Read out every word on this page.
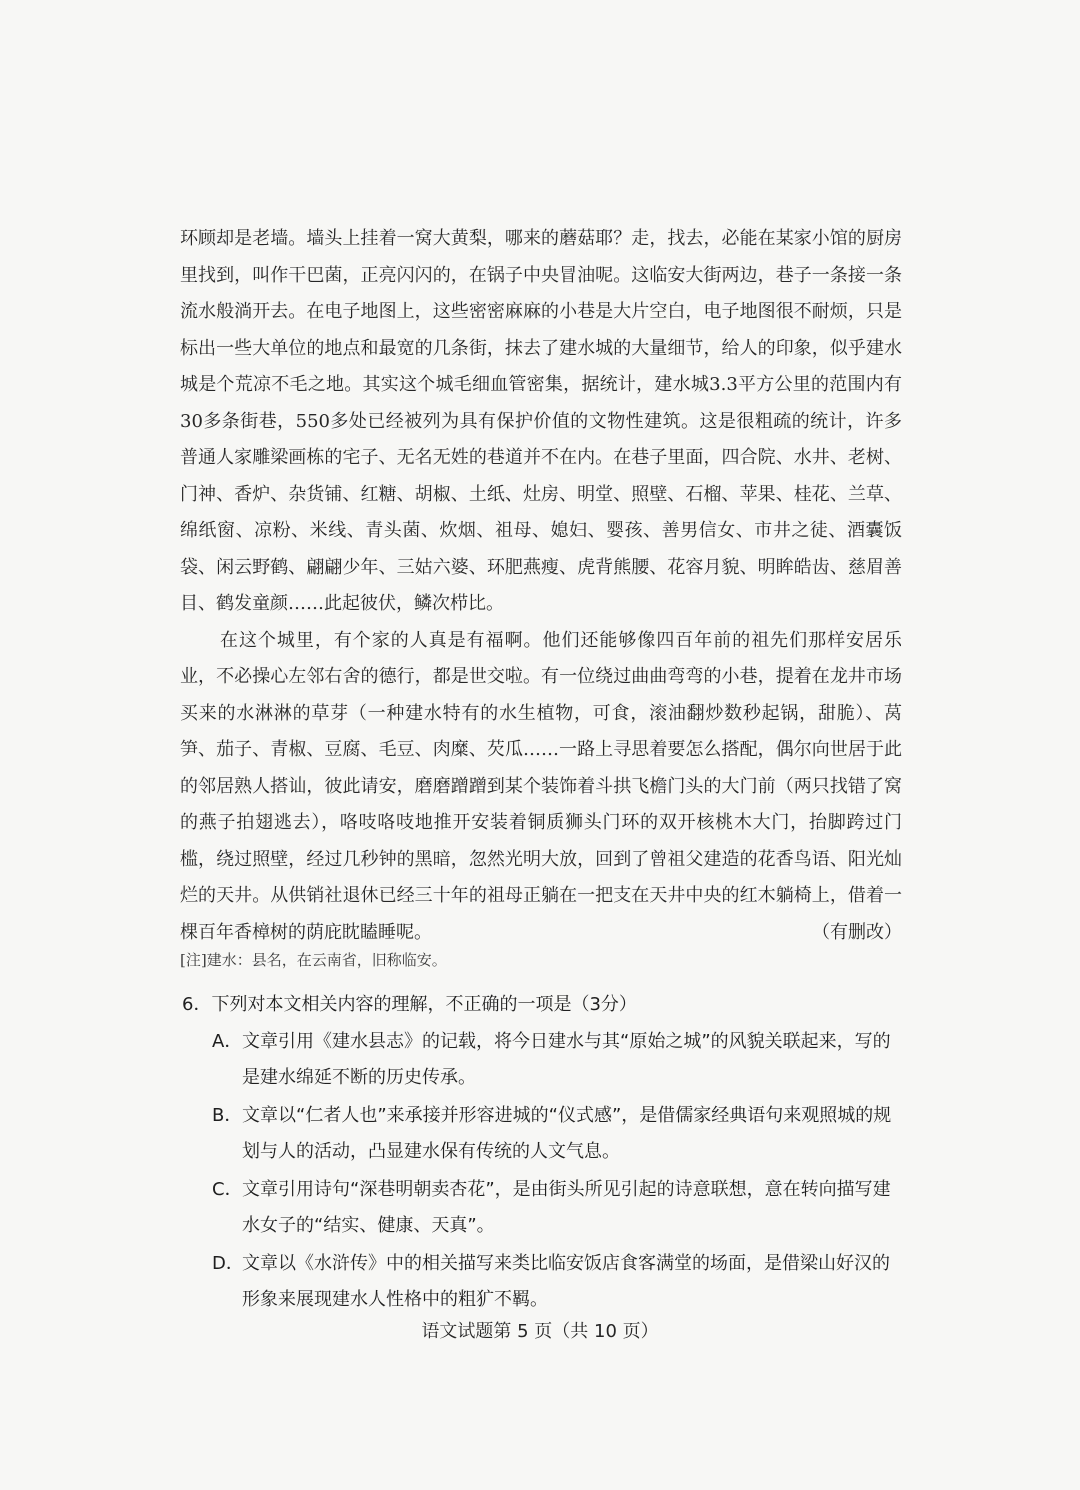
环顾却是老墙。墙头上挂着一窝大黄梨，哪来的蘑菇耶？走，找去，必能在某家小馆的厨房里找到，叫作干巴菌，正亮闪闪的，在锅子中央冒油呢。这临安大街两边，巷子一条接一条流水般淌开去。在电子地图上，这些密密麻麻的小巷是大片空白，电子地图很不耐烦，只是标出一些大单位的地点和最宽的几条街，抹去了建水城的大量细节，给人的印象，似乎建水城是个荒凉不毛之地。其实这个城毛细血管密集，据统计，建水城3.3平方公里的范围内有30多条街巷，550多处已经被列为具有保护价值的文物性建筑。这是很粗疏的统计，许多普通人家雕梁画栋的宅子、无名无姓的巷道并不在内。在巷子里面，四合院、水井、老树、门神、香炉、杂货铺、红糖、胡椒、土纸、灶房、明堂、照壁、石榴、苹果、桂花、兰草、绵纸窗、凉粉、米线、青头菌、炊烟、祖母、媳妇、婴孩、善男信女、市井之徒、酒囊饭袋、闲云野鹤、翩翩少年、三姑六婆、环肥燕瘦、虎背熊腰、花容月貌、明眸皓齿、慈眉善目、鹤发童颜……此起彼伏，鳞次栉比。

在这个城里，有个家的人真是有福啊。他们还能够像四百年前的祖先们那样安居乐业，不必操心左邻右舍的德行，都是世交啦。有一位绕过曲曲弯弯的小巷，提着在龙井市场买来的水淋淋的草芽（一种建水特有的水生植物，可食，滚油翻炒数秒起锅，甜脆）、莴笋、茄子、青椒、豆腐、毛豆、肉糜、芡瓜……一路上寻思着要怎么搭配，偶尔向世居于此的邻居熟人搭讪，彼此请安，磨磨蹭蹭到某个装饰着斗拱飞檐门头的大门前（两只找错了窝的燕子拍翅逃去），咯吱咯吱地推开安装着铜质狮头门环的双开核桃木大门，抬脚跨过门槛，绕过照壁，经过几秒钟的黑暗，忽然光明大放，回到了曾祖父建造的花香鸟语、阳光灿烂的天井。从供销社退休已经三十年的祖母正躺在一把支在天井中央的红木躺椅上，借着一棵百年香樟树的荫庇眈瞌睡呢。	（有删改）

[注]建水：县名，在云南省，旧称临安。
6．下列对本文相关内容的理解，不正确的一项是（3分）
A． 文章引用《建水县志》的记载，将今日建水与其“原始之城”的风貌关联起来，写的是建水绵延不断的历史传承。
B． 文章以“仁者人也”来承接并形容进城的“仪式感”，是借儒家经典语句来观照城的规划与人的活动，凸显建水保有传统的人文气息。
C． 文章引用诗句“深巷明朝卖杏花”，是由街头所见引起的诗意联想，意在转向描写建水女子的“结实、健康、天真”。
D．
文章以《水浒传》中的相关描写来类比临安饭店食客满堂的场面，是借梁山好汉的形象来展现建水人性格中的粗犷不羁。
语文试题第 5 页（共 10 页）
